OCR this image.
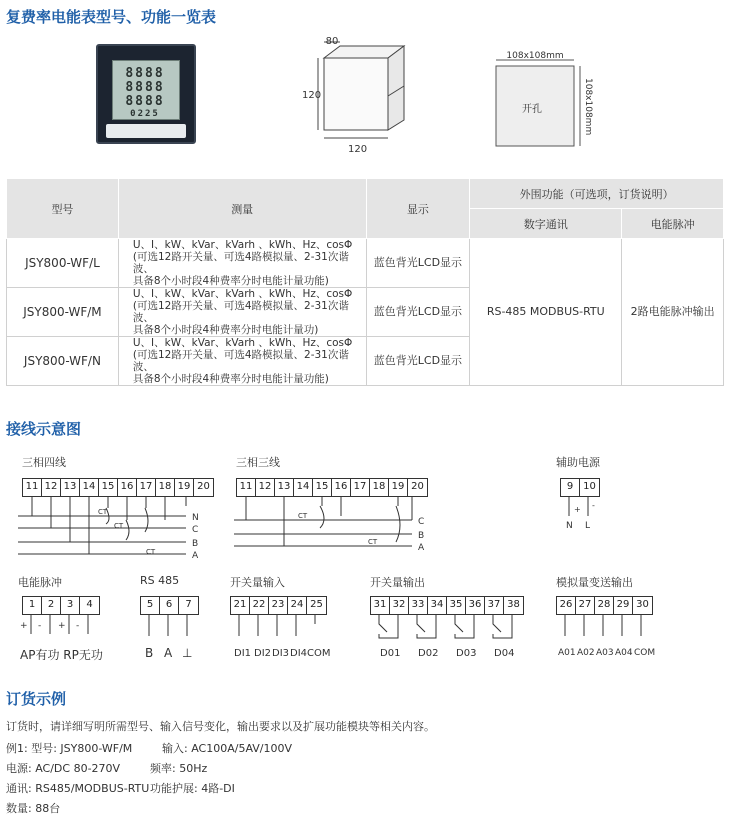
复费率电能表型号、功能一览表
8888
8888
8888
0225
80
120
120
108x108mm
108x108mm
开孔
型号	测量	显示	外围功能（可选项，订货说明）	
			数字通讯	电能脉冲
JSY800-WF/L	U、I、kW、kVar、kVarh 、kWh、Hz、cosΦ
(可选12路开关量、可选4路模拟量、2-31次谐波、
具备8个小时段4种费率分时电能计量功能)	蓝色背光LCD显示	RS-485 MODBUS-RTU	2路电能脉冲输出
JSY800-WF/M	U、I、kW、kVar、kVarh 、kWh、Hz、cosΦ
(可选12路开关量、可选4路模拟量、2-31次谐波、
具备8个小时段4种费率分时电能计量功)	蓝色背光LCD显示		
JSY800-WF/N	U、I、kW、kVar、kVarh 、kWh、Hz、cosΦ
(可选12路开关量、可选4路模拟量、2-31次谐波、
具备8个小时段4种费率分时电能计量功能)	蓝色背光LCD显示		
接线示意图
三相四线
11 12 13 14 15 16 17 18 19 20
CT
CT
CT
N
C
B
A
三相三线
11 12 13 14 15 16 17 18 19 20
CT
CT
C
B
A
辅助电源
9 10
+ -
N L
电能脉冲
1	2	3	4
+ - + -
AP有功 RP无功
RS 485
5	6	7
B A ⊥
开关量输入
21 22 23 24 25
DI1 DI2 DI3 DI4COM
开关量输出
31 32 33 34 35 36 37 38
D01 D02 D03 D04
模拟量变送输出
26 27 28 29 30
A01 A02 A03 A04 COM
订货示例
订货时，请详细写明所需型号、输入信号变化，输出要求以及扩展功能模块等相关内容。
例1: 型号: JSY800-WF/M	输入: AC100A/5AV/100V
电源: AC/DC 80-270V	频率: 50Hz
通讯: RS485/MODBUS-RTU 功能护展: 4路-DI
数量: 88台
